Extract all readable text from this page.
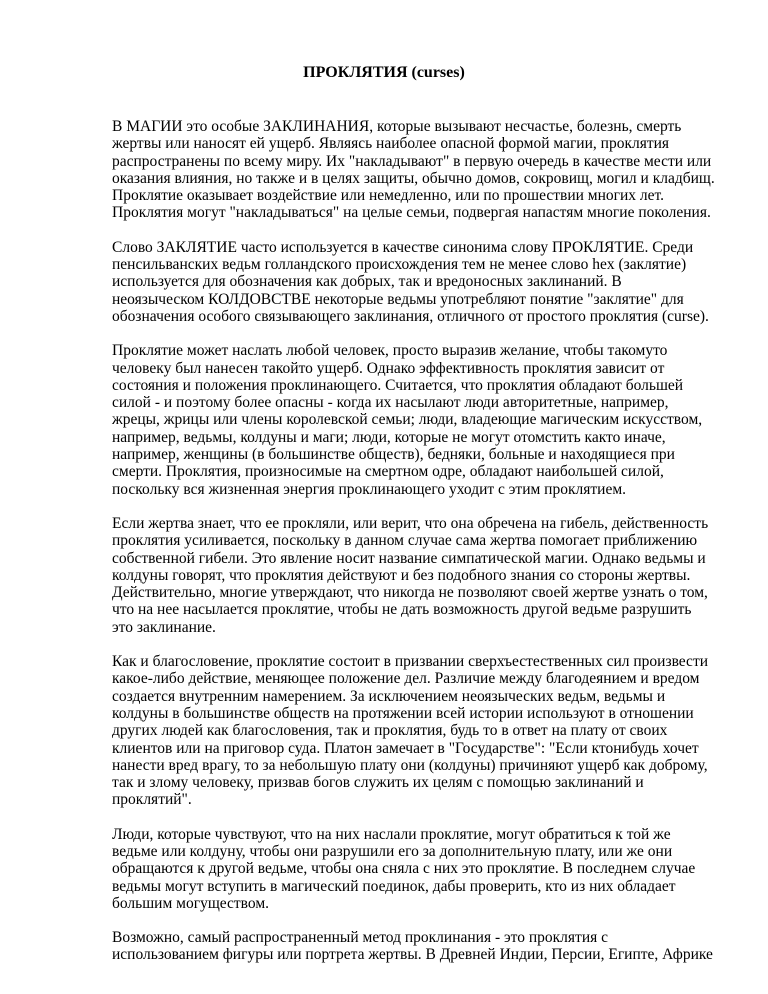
ПРОКЛЯТИЯ (curses)

В МАГИИ это особые ЗАКЛИНАНИЯ, которые вызывают несчастье, болезнь, смерть
жертвы или наносят ей ущерб. Являясь наиболее опасной формой магии, проклятия
распространены по всему миру. Их "накладывают" в первую очередь в качестве мести или
оказания влияния, но также и в целях защиты, обычно домов, сокровищ, могил и кладбищ.
Проклятие оказывает воздействие или немедленно, или по прошествии многих лет.
Проклятия могут "накладываться" на целые семьи, подвергая напастям многие поколения.

Слово ЗАКЛЯТИЕ часто используется в качестве синонима слову ПРОКЛЯТИЕ. Среди
пенсильванских ведьм голландского происхождения тем не менее слово hex (заклятие)
используется для обозначения как добрых, так и вредоносных заклинаний. В
неоязыческом КОЛДОВСТВЕ некоторые ведьмы употребляют понятие "заклятие" для
обозначения особого связывающего заклинания, отличного от простого проклятия (curse).

Проклятие может наслать любой человек, просто выразив желание, чтобы такомуто
человеку был нанесен такойто ущерб. Однако эффективность проклятия зависит от
состояния и положения проклинающего. Считается, что проклятия обладают большей
силой - и поэтому более опасны - когда их насылают люди авторитетные, например,
жрецы, жрицы или члены королевской семьи; люди, владеющие магическим искусством,
например, ведьмы, колдуны и маги; люди, которые не могут отомстить както иначе,
например, женщины (в большинстве обществ), бедняки, больные и находящиеся при
смерти. Проклятия, произносимые на смертном одре, обладают наибольшей силой,
поскольку вся жизненная энергия проклинающего уходит с этим проклятием.

Если жертва знает, что ее прокляли, или верит, что она обречена на гибель, действенность
проклятия усиливается, поскольку в данном случае сама жертва помогает приближению
собственной гибели. Это явление носит название симпатической магии. Однако ведьмы и
колдуны говорят, что проклятия действуют и без подобного знания со стороны жертвы.
Действительно, многие утверждают, что никогда не позволяют своей жертве узнать о том,
что на нее насылается проклятие, чтобы не дать возможность другой ведьме разрушить
это заклинание.

Как и благословение, проклятие состоит в призвании сверхъестественных сил произвести
какое-либо действие, меняющее положение дел. Различие между благодеянием и вредом
создается внутренним намерением. За исключением неоязыческих ведьм, ведьмы и
колдуны в большинстве обществ на протяжении всей истории используют в отношении
других людей как благословения, так и проклятия, будь то в ответ на плату от своих
клиентов или на приговор суда. Платон замечает в "Государстве": "Если ктонибудь хочет
нанести вред врагу, то за небольшую плату они (колдуны) причиняют ущерб как доброму,
так и злому человеку, призвав богов служить их целям с помощью заклинаний и
проклятий".

Люди, которые чувствуют, что на них наслали проклятие, могут обратиться к той же
ведьме или колдуну, чтобы они разрушили его за дополнительную плату, или же они
обращаются к другой ведьме, чтобы она сняла с них это проклятие. В последнем случае
ведьмы могут вступить в магический поединок, дабы проверить, кто из них обладает
большим могуществом.

Возможно, самый распространенный метод проклинания - это проклятия с
использованием фигуры или портрета жертвы. В Древней Индии, Персии, Египте, Африке
